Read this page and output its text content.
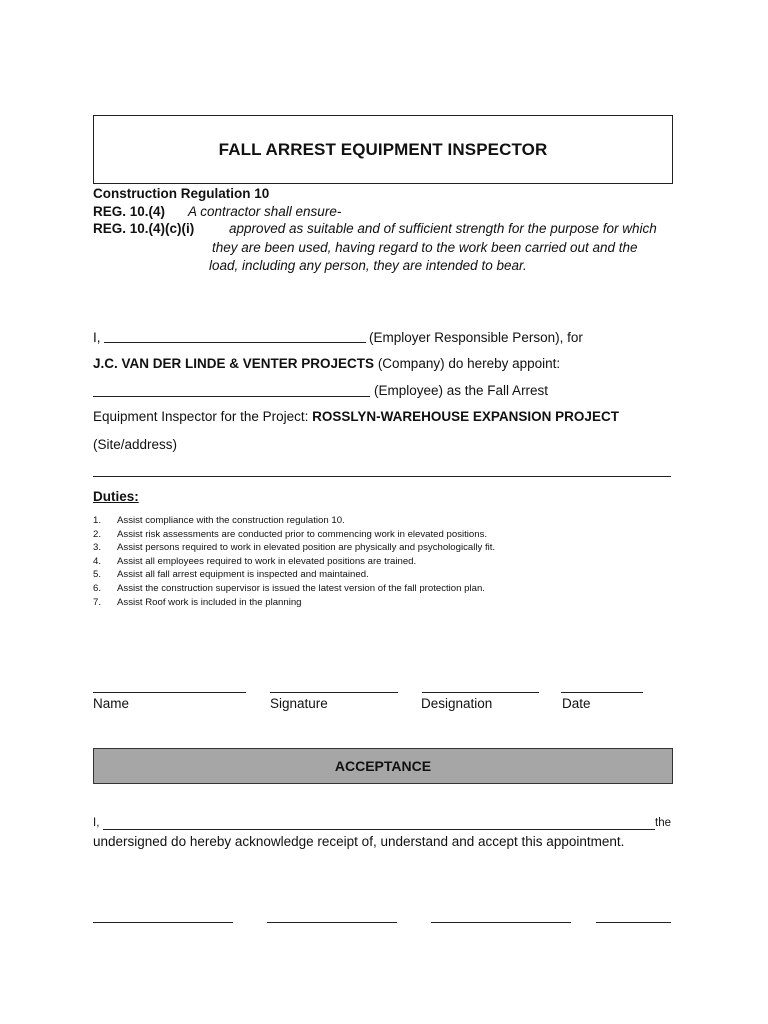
FALL ARREST EQUIPMENT INSPECTOR
Construction Regulation 10
REG. 10.(4) A contractor shall ensure-
REG. 10.(4)(c)(i)	approved as suitable and of sufficient strength for the purpose for which
they are been used, having regard to the work been carried out and the
load, including any person, they are intended to bear.
I,	(Employer Responsible Person), for
J.C. VAN DER LINDE & VENTER PROJECTS (Company) do hereby appoint:
(Employee) as the Fall Arrest
Equipment Inspector for the Project: ROSSLYN-WAREHOUSE EXPANSION PROJECT
(Site/address)
Duties:
1. Assist compliance with the construction regulation 10.
2. Assist risk assessments are conducted prior to commencing work in elevated positions.
3. Assist persons required to work in elevated position are physically and psychologically fit.
4. Assist all employees required to work in elevated positions are trained.
5. Assist all fall arrest equipment is inspected and maintained.
6. Assist the construction supervisor is issued the latest version of the fall protection plan.
7. Assist Roof work is included in the planning
Name	Signature	Designation	Date
ACCEPTANCE
I,	the
undersigned do hereby acknowledge receipt of, understand and accept this appointment.
